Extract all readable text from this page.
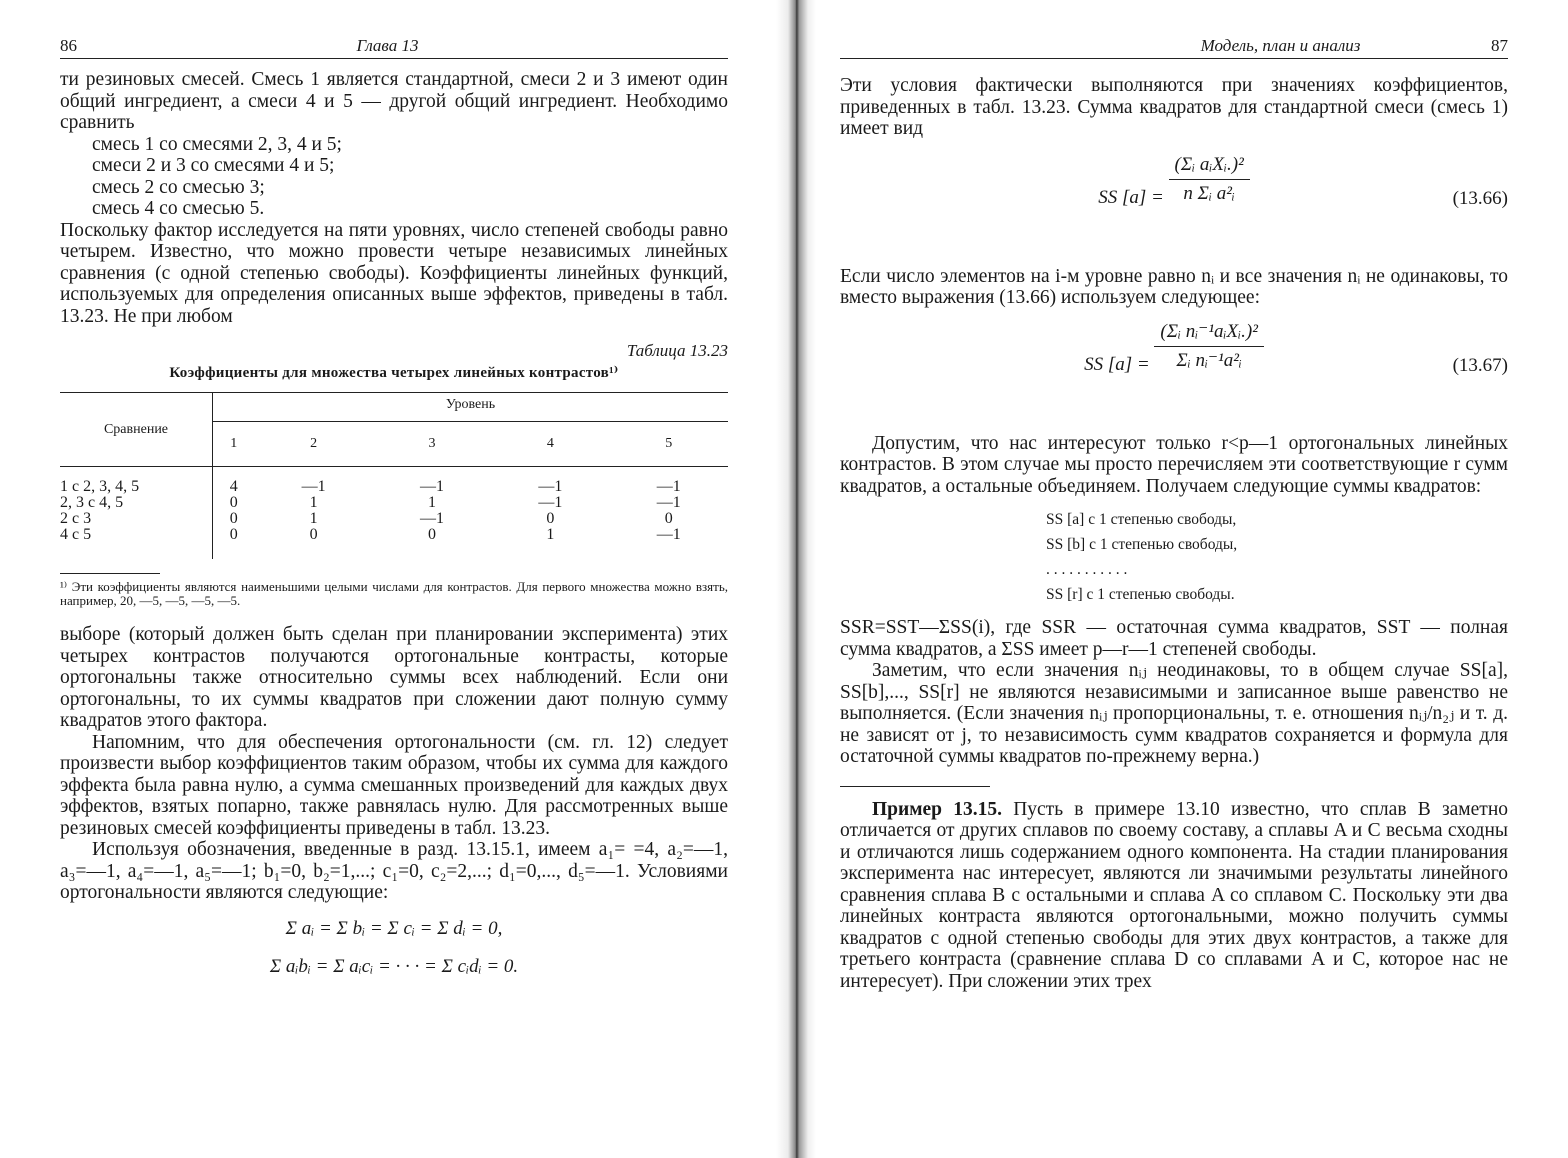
86	Глава 13

ти резиновых смесей. Смесь 1 является стандартной, смеси 2 и 3 имеют один общий ингредиент, а смеси 4 и 5 — другой общий ингредиент. Необходимо сравнить

смесь 1 со смесями 2, 3, 4 и 5;
смеси 2 и 3 со смесями 4 и 5;
смесь 2 со смесью 3;
смесь 4 со смесью 5.

Поскольку фактор исследуется на пяти уровнях, число степеней свободы равно четырем. Известно, что можно провести четыре независимых линейных сравнения (с одной степенью свободы). Коэффициенты линейных функций, используемых для определения описанных выше эффектов, приведены в табл. 13.23. Не при любом

Таблица 13.23
Коэффициенты для множества четырех линейных контрастов¹⁾
Сравнение	Уровень				
	1	2	3	4	5
1 с 2, 3, 4, 5	4	—1	—1	—1	—1
2, 3 с 4, 5	0	1	1	—1	—1
2 с 3	0	1	—1	0	0
4 с 5	0	0	0	1	—1
¹⁾ Эти коэффициенты являются наименьшими целыми числами для контрастов. Для первого множества можно взять, например, 20, —5, —5, —5, —5.

выборе (который должен быть сделан при планировании эксперимента) этих четырех контрастов получаются ортогональные контрасты, которые ортогональны также относительно суммы всех наблюдений. Если они ортогональны, то их суммы квадратов при сложении дают полную сумму квадратов этого фактора.

Напомним, что для обеспечения ортогональности (см. гл. 12) следует произвести выбор коэффициентов таким образом, чтобы их сумма для каждого эффекта была равна нулю, а сумма смешанных произведений для каждых двух эффектов, взятых попарно, также равнялась нулю. Для рассмотренных выше резиновых смесей коэффициенты приведены в табл. 13.23.

Используя обозначения, введенные в разд. 13.15.1, имеем a₁= =4, a₂=—1, a₃=—1, a₄=—1, a₅=—1; b₁=0, b₂=1,...; c₁=0, c₂=2,...; d₁=0,..., d₅=—1. Условиями ортогональности являются следующие:

Σ aᵢ = Σ bᵢ = Σ cᵢ = Σ dᵢ = 0,
Σ aᵢbᵢ = Σ aᵢcᵢ = · · · = Σ cᵢdᵢ = 0.
Модель, план и анализ	87

Эти условия фактически выполняются при значениях коэффициентов, приведенных в табл. 13.23. Сумма квадратов для стандартной смеси (смесь 1) имеет вид

SS $[a] = \frac{\text{(Σᵢ aᵢXᵢ.)²}}{\text{n Σᵢ a²ᵢ}}$	(13.66)

Если число элементов на i-м уровне равно nᵢ и все значения nᵢ не одинаковы, то вместо выражения (13.66) используем следующее:

SS $[a] = \frac{\text{(Σᵢ nᵢ⁻¹aᵢXᵢ.)²}}{\text{Σᵢ nᵢ⁻¹a²ᵢ}}$	(13.67)

Допустим, что нас интересуют только r<p—1 ортогональных линейных контрастов. В этом случае мы просто перечисляем эти соответствующие r сумм квадратов, а остальные объединяем. Получаем следующие суммы квадратов:

SS [a] с 1 степенью свободы,
SS [b] с 1 степенью свободы,
. . . . . . . . . . .
SS [r] с 1 степенью свободы.

SSR=SST—ΣSS(i), где SSR — остаточная сумма квадратов, SST — полная сумма квадратов, а ΣSS имеет p—r—1 степеней свободы.

Заметим, что если значения nᵢⱼ неодинаковы, то в общем случае SS[a], SS[b],..., SS[r] не являются независимыми и записанное выше равенство не выполняется. (Если значения nᵢⱼ пропорциональны, т. е. отношения nᵢⱼ/n₂ⱼ и т. д. не зависят от j, то независимость сумм квадратов сохраняется и формула для остаточной суммы квадратов по-прежнему верна.)

Пример 13.15. Пусть в примере 13.10 известно, что сплав B заметно отличается от других сплавов по своему составу, а сплавы A и C весьма сходны и отличаются лишь содержанием одного компонента. На стадии планирования эксперимента нас интересует, являются ли значимыми результаты линейного сравнения сплава B с остальными и сплава A со сплавом C. Поскольку эти два линейных контраста являются ортогональными, можно получить суммы квадратов с одной степенью свободы для этих двух контрастов, а также для третьего контраста (сравнение сплава D со сплавами A и C, которое нас не интересует). При сложении этих трех
